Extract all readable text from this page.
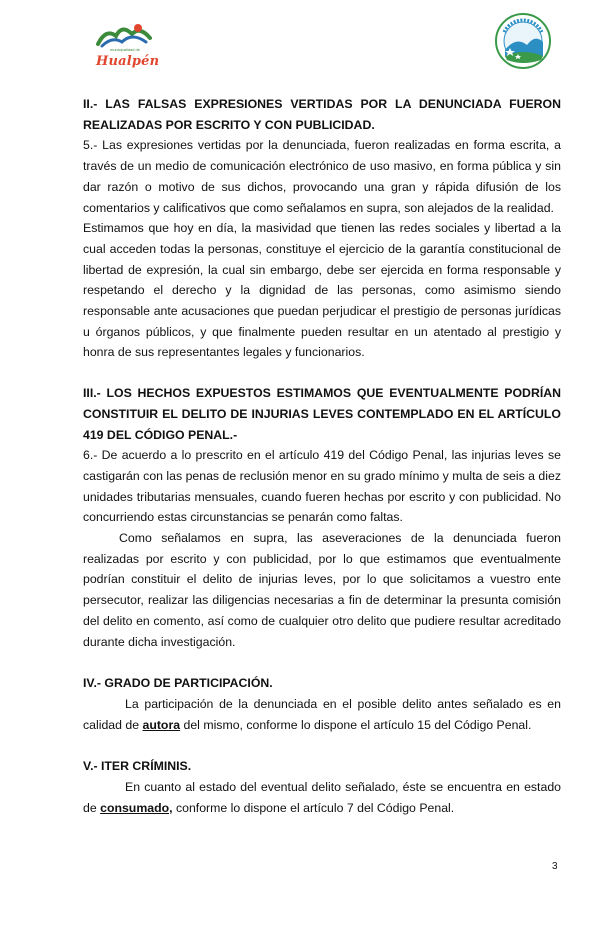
municipalidad de
Hualpén

II.- LAS FALSAS EXPRESIONES VERTIDAS POR LA DENUNCIADA FUERON REALIZADAS POR ESCRITO Y CON PUBLICIDAD.

5.- Las expresiones vertidas por la denunciada, fueron realizadas en forma escrita, a través de un medio de comunicación electrónico de uso masivo, en forma pública y sin dar razón o motivo de sus dichos, provocando una gran y rápida difusión de los comentarios y calificativos que como señalamos en supra, son alejados de la realidad.

Estimamos que hoy en día, la masividad que tienen las redes sociales y libertad a la cual acceden todas la personas, constituye el ejercicio de la garantía constitucional de libertad de expresión, la cual sin embargo, debe ser ejercida en forma responsable y respetando el derecho y la dignidad de las personas, como asimismo siendo responsable ante acusaciones que puedan perjudicar el prestigio de personas jurídicas u órganos públicos, y que finalmente pueden resultar en un atentado al prestigio y honra de sus representantes legales y funcionarios.

III.- LOS HECHOS EXPUESTOS ESTIMAMOS QUE EVENTUALMENTE PODRÍAN CONSTITUIR EL DELITO DE INJURIAS LEVES CONTEMPLADO EN EL ARTÍCULO 419 DEL CÓDIGO PENAL.-

6.- De acuerdo a lo prescrito en el artículo 419 del Código Penal, las injurias leves se castigarán con las penas de reclusión menor en su grado mínimo y multa de seis a diez unidades tributarias mensuales, cuando fueren hechas por escrito y con publicidad. No concurriendo estas circunstancias se penarán como faltas.

Como señalamos en supra, las aseveraciones de la denunciada fueron realizadas por escrito y con publicidad, por lo que estimamos que eventualmente podrían constituir el delito de injurias leves, por lo que solicitamos a vuestro ente persecutor, realizar las diligencias necesarias a fin de determinar la presunta comisión del delito en comento, así como de cualquier otro delito que pudiere resultar acreditado durante dicha investigación.

IV.- GRADO DE PARTICIPACIÓN.

La participación de la denunciada en el posible delito antes señalado es en calidad de autora del mismo, conforme lo dispone el artículo 15 del Código Penal.

V.- ITER CRÍMINIS.

En cuanto al estado del eventual delito señalado, éste se encuentra en estado de consumado, conforme lo dispone el artículo 7 del Código Penal.

3
